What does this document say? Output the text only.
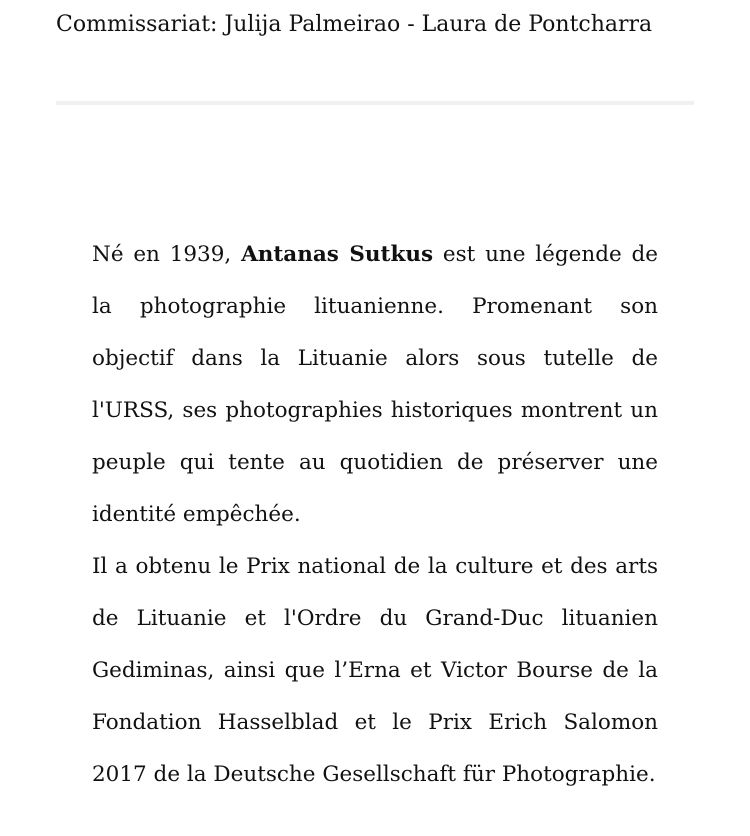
Commissariat: Julija Palmeirao - Laura de Pontcharra

Né en 1939, Antanas Sutkus est une légende de la photographie lituanienne. Promenant son objectif dans la Lituanie alors sous tutelle de l'URSS, ses photographies historiques montrent un peuple qui tente au quotidien de préserver une identité empêchée.

Il a obtenu le Prix national de la culture et des arts de Lituanie et l'Ordre du Grand-Duc lituanien Gediminas, ainsi que l’Erna et Victor Bourse de la Fondation Hasselblad et le Prix Erich Salomon 2017 de la Deutsche Gesellschaft für Photographie.
